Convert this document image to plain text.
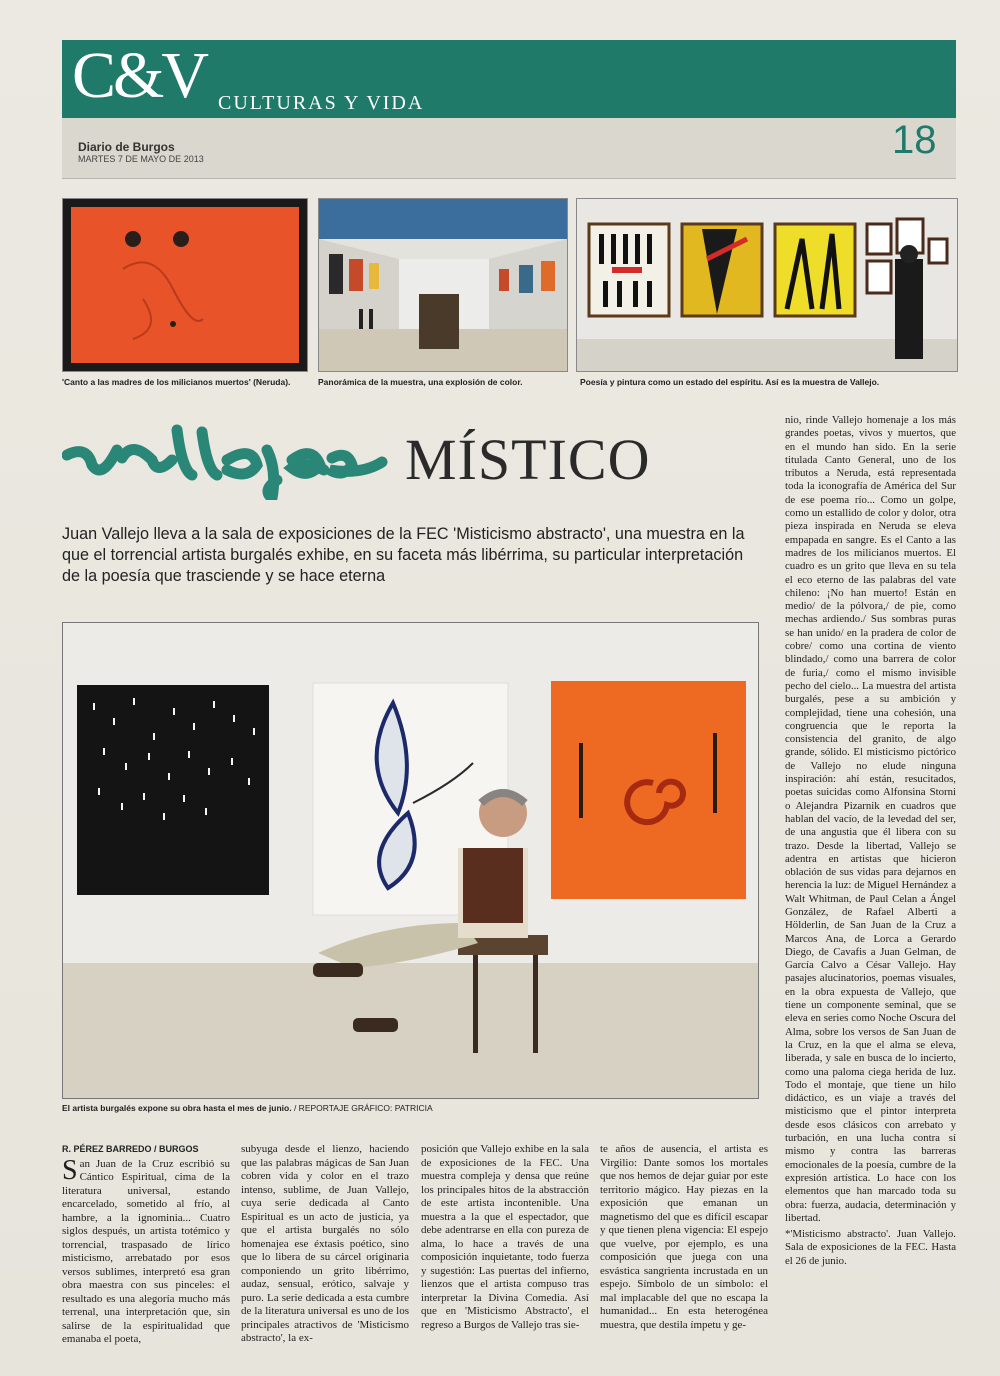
C&V CULTURAS Y VIDA
Diario de Burgos
MARTES 7 DE MAYO DE 2013	18
'Canto a las madres de los milicianos muertos' (Neruda).	Panorámica de la muestra, una explosión de color.	Poesía y pintura como un estado del espíritu. Así es la muestra de Vallejo.
MÍSTICO
Juan Vallejo lleva a la sala de exposiciones de la FEC 'Misticismo abstracto', una muestra en la que el torrencial artista burgalés exhibe, en su faceta más libérrima, su particular interpretación de la poesía que trasciende y se hace eterna
El artista burgalés expone su obra hasta el mes de junio. / REPORTAJE GRÁFICO: PATRICIA
R. PÉREZ BARREDO / BURGOS

San Juan de la Cruz escribió su Cántico Espiritual, cima de la literatura universal, estando encarcelado, sometido al frío, al hambre, a la ignominia... Cuatro siglos después, un artista totémico y torrencial, traspasado de lírico misticismo, arrebatado por esos versos sublimes, interpretó esa gran obra maestra con sus pinceles: el resultado es una alegoría mucho más terrenal, una interpretación que, sin salirse de la espiritualidad que emanaba el poeta,

subyuga desde el lienzo, haciendo que las palabras mágicas de San Juan cobren vida y color en el trazo intenso, sublime, de Juan Vallejo, cuya serie dedicada al Canto Espiritual es un acto de justicia, ya que el artista burgalés no sólo homenajea ese éxtasis poético, sino que lo libera de su cárcel originaria componiendo un grito libérrimo, audaz, sensual, erótico, salvaje y puro. La serie dedicada a esta cumbre de la literatura universal es uno de los principales atractivos de 'Misticismo abstracto', la ex-

posición que Vallejo exhibe en la sala de exposiciones de la FEC. Una muestra compleja y densa que reúne los principales hitos de la abstracción de este artista incontenible. Una muestra a la que el espectador, que debe adentrarse en ella con pureza de alma, lo hace a través de una composición inquietante, todo fuerza y sugestión: Las puertas del infierno, lienzos que el artista compuso tras interpretar la Divina Comedia. Así que en 'Misticismo Abstracto', el regreso a Burgos de Vallejo tras sie-

te años de ausencia, el artista es Virgilio: Dante somos los mortales que nos hemos de dejar guiar por este territorio mágico. Hay piezas en la exposición que emanan un magnetismo del que es difícil escapar y que tienen plena vigencia: El espejo que vuelve, por ejemplo, es una composición que juega con una esvástica sangrienta incrustada en un espejo. Símbolo de un símbolo: el mal implacable del que no escapa la humanidad... En esta heterogénea muestra, que destila ímpetu y ge-

nio, rinde Vallejo homenaje a los más grandes poetas, vivos y muertos, que en el mundo han sido. En la serie titulada Canto General, uno de los tributos a Neruda, está representada toda la iconografía de América del Sur de ese poema río... Como un golpe, como un estallido de color y dolor, otra pieza inspirada en Neruda se eleva empapada en sangre. Es el Canto a las madres de los milicianos muertos. El cuadro es un grito que lleva en su tela el eco eterno de las palabras del vate chileno: ¡No han muerto! Están en medio/ de la pólvora,/ de pie, como mechas ardiendo./ Sus sombras puras se han unido/ en la pradera de color de cobre/ como una cortina de viento blindado,/ como una barrera de color de furia,/ como el mismo invisible pecho del cielo... La muestra del artista burgalés, pese a su ambición y complejidad, tiene una cohesión, una congruencia que le reporta la consistencia del granito, de algo grande, sólido. El misticismo pictórico de Vallejo no elude ninguna inspiración: ahí están, resucitados, poetas suicidas como Alfonsina Storni o Alejandra Pizarnik en cuadros que hablan del vacío, de la levedad del ser, de una angustia que él libera con su trazo. Desde la libertad, Vallejo se adentra en artistas que hicieron oblación de sus vidas para dejarnos en herencia la luz: de Miguel Hernández a Walt Whitman, de Paul Celan a Ángel González, de Rafael Alberti a Hölderlin, de San Juan de la Cruz a Marcos Ana, de Lorca a Gerardo Diego, de Cavafis a Juan Gelman, de García Calvo a César Vallejo. Hay pasajes alucinatorios, poemas visuales, en la obra expuesta de Vallejo, que tiene un componente seminal, que se eleva en series como Noche Oscura del Alma, sobre los versos de San Juan de la Cruz, en la que el alma se eleva, liberada, y sale en busca de lo incierto, como una paloma ciega herida de luz. Todo el montaje, que tiene un hilo didáctico, es un viaje a través del misticismo que el pintor interpreta desde esos clásicos con arrebato y turbación, en una lucha contra sí mismo y contra las barreras emocionales de la poesía, cumbre de la expresión artística. Lo hace con los elementos que han marcado toda su obra: fuerza, audacia, determinación y libertad.

*'Misticismo abstracto'. Juan Vallejo. Sala de exposiciones de la FEC. Hasta el 26 de junio.
